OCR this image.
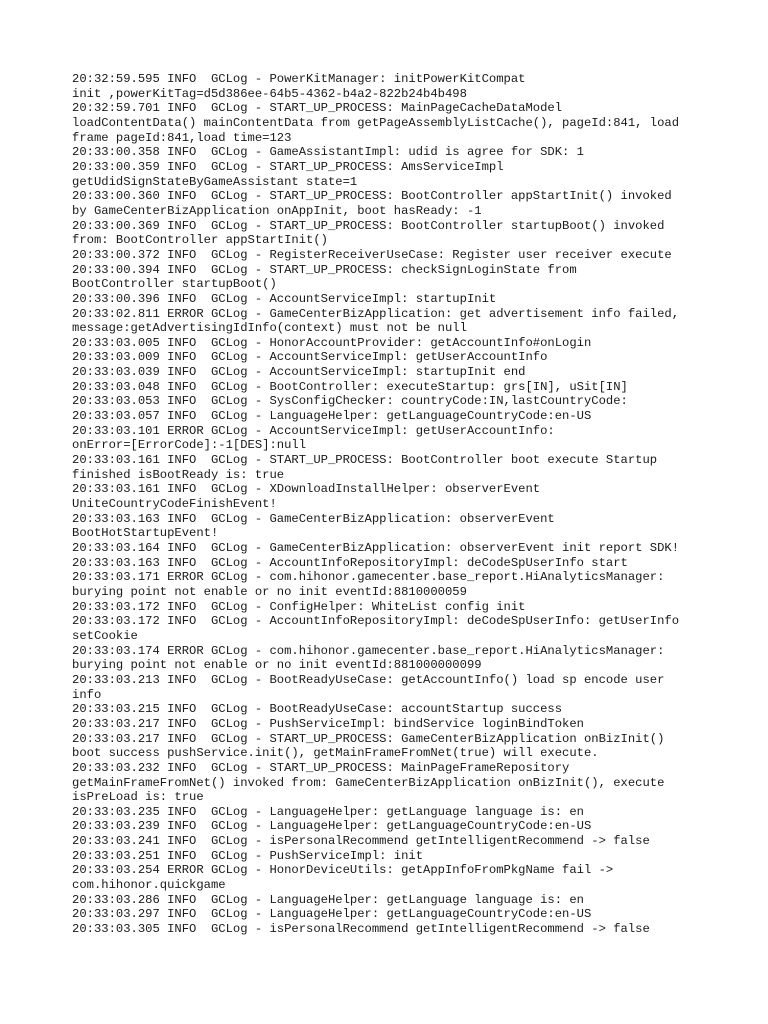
20:32:59.595 INFO  GCLog - PowerKitManager: initPowerKitCompat
init ,powerKitTag=d5d386ee-64b5-4362-b4a2-822b24b4b498
20:32:59.701 INFO  GCLog - START_UP_PROCESS: MainPageCacheDataModel
loadContentData() mainContentData from getPageAssemblyListCache(), pageId:841, load
frame pageId:841,load time=123
20:33:00.358 INFO  GCLog - GameAssistantImpl: udid is agree for SDK: 1
20:33:00.359 INFO  GCLog - START_UP_PROCESS: AmsServiceImpl
getUdidSignStateByGameAssistant state=1
20:33:00.360 INFO  GCLog - START_UP_PROCESS: BootController appStartInit() invoked
by GameCenterBizApplication onAppInit, boot hasReady: -1
20:33:00.369 INFO  GCLog - START_UP_PROCESS: BootController startupBoot() invoked
from: BootController appStartInit()
20:33:00.372 INFO  GCLog - RegisterReceiverUseCase: Register user receiver execute
20:33:00.394 INFO  GCLog - START_UP_PROCESS: checkSignLoginState from
BootController startupBoot()
20:33:00.396 INFO  GCLog - AccountServiceImpl: startupInit
20:33:02.811 ERROR GCLog - GameCenterBizApplication: get advertisement info failed,
message:getAdvertisingIdInfo(context) must not be null
20:33:03.005 INFO  GCLog - HonorAccountProvider: getAccountInfo#onLogin
20:33:03.009 INFO  GCLog - AccountServiceImpl: getUserAccountInfo
20:33:03.039 INFO  GCLog - AccountServiceImpl: startupInit end
20:33:03.048 INFO  GCLog - BootController: executeStartup: grs[IN], uSit[IN]
20:33:03.053 INFO  GCLog - SysConfigChecker: countryCode:IN,lastCountryCode:
20:33:03.057 INFO  GCLog - LanguageHelper: getLanguageCountryCode:en-US
20:33:03.101 ERROR GCLog - AccountServiceImpl: getUserAccountInfo:
onError=[ErrorCode]:-1[DES]:null
20:33:03.161 INFO  GCLog - START_UP_PROCESS: BootController boot execute Startup
finished isBootReady is: true
20:33:03.161 INFO  GCLog - XDownloadInstallHelper: observerEvent
UniteCountryCodeFinishEvent!
20:33:03.163 INFO  GCLog - GameCenterBizApplication: observerEvent
BootHotStartupEvent!
20:33:03.164 INFO  GCLog - GameCenterBizApplication: observerEvent init report SDK!
20:33:03.163 INFO  GCLog - AccountInfoRepositoryImpl: deCodeSpUserInfo start
20:33:03.171 ERROR GCLog - com.hihonor.gamecenter.base_report.HiAnalyticsManager:
burying point not enable or no init eventId:8810000059
20:33:03.172 INFO  GCLog - ConfigHelper: WhiteList config init
20:33:03.172 INFO  GCLog - AccountInfoRepositoryImpl: deCodeSpUserInfo: getUserInfo
setCookie
20:33:03.174 ERROR GCLog - com.hihonor.gamecenter.base_report.HiAnalyticsManager:
burying point not enable or no init eventId:881000000099
20:33:03.213 INFO  GCLog - BootReadyUseCase: getAccountInfo() load sp encode user
info
20:33:03.215 INFO  GCLog - BootReadyUseCase: accountStartup success
20:33:03.217 INFO  GCLog - PushServiceImpl: bindService loginBindToken
20:33:03.217 INFO  GCLog - START_UP_PROCESS: GameCenterBizApplication onBizInit()
boot success pushService.init(), getMainFrameFromNet(true) will execute.
20:33:03.232 INFO  GCLog - START_UP_PROCESS: MainPageFrameRepository
getMainFrameFromNet() invoked from: GameCenterBizApplication onBizInit(), execute
isPreLoad is: true
20:33:03.235 INFO  GCLog - LanguageHelper: getLanguage language is: en
20:33:03.239 INFO  GCLog - LanguageHelper: getLanguageCountryCode:en-US
20:33:03.241 INFO  GCLog - isPersonalRecommend getIntelligentRecommend -> false
20:33:03.251 INFO  GCLog - PushServiceImpl: init
20:33:03.254 ERROR GCLog - HonorDeviceUtils: getAppInfoFromPkgName fail ->
com.hihonor.quickgame
20:33:03.286 INFO  GCLog - LanguageHelper: getLanguage language is: en
20:33:03.297 INFO  GCLog - LanguageHelper: getLanguageCountryCode:en-US
20:33:03.305 INFO  GCLog - isPersonalRecommend getIntelligentRecommend -> false
